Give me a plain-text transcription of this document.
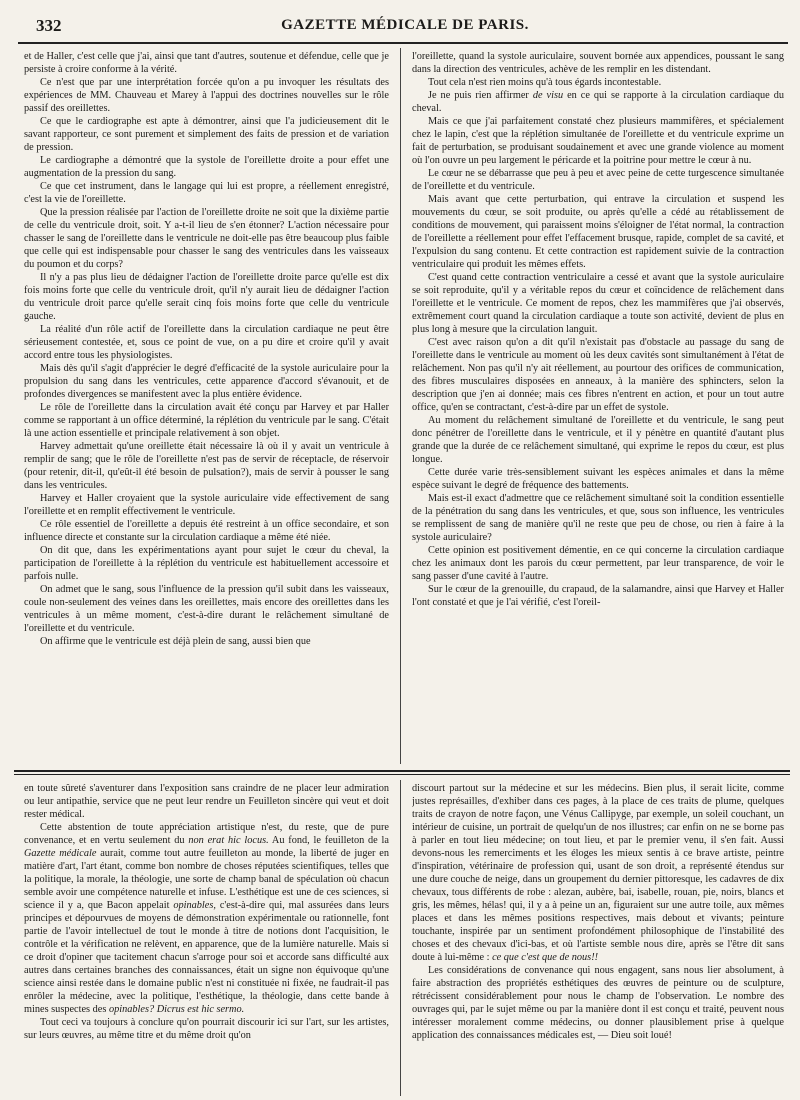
332	GAZETTE MÉDICALE DE PARIS.

et de Haller, c'est celle que j'ai, ainsi que tant d'autres, soutenue et défendue, celle que je persiste à croire conforme à la vérité.

Ce n'est que par une interprétation forcée qu'on a pu invoquer les résultats des expériences de MM. Chauveau et Marey à l'appui des doctrines nouvelles sur le rôle passif des oreillettes.

Ce que le cardiographe est apte à démontrer, ainsi que l'a judicieusement dit le savant rapporteur, ce sont purement et simplement des faits de pression et de variation de pression.

Le cardiographe a démontré que la systole de l'oreillette droite a pour effet une augmentation de la pression du sang.

Ce que cet instrument, dans le langage qui lui est propre, a réellement enregistré, c'est la vie de l'oreillette.

Que la pression réalisée par l'action de l'oreillette droite ne soit que la dixième partie de celle du ventricule droit, soit. Y a-t-il lieu de s'en étonner? L'action nécessaire pour chasser le sang de l'oreillette dans le ventricule ne doit-elle pas être beaucoup plus faible que celle qui est indispensable pour chasser le sang des ventricules dans les vaisseaux du poumon et du corps?

Il n'y a pas plus lieu de dédaigner l'action de l'oreillette droite parce qu'elle est dix fois moins forte que celle du ventricule droit, qu'il n'y aurait lieu de dédaigner l'action du ventricule droit parce qu'elle serait cinq fois moins forte que celle du ventricule gauche.

La réalité d'un rôle actif de l'oreillette dans la circulation cardiaque ne peut être sérieusement contestée, et, sous ce point de vue, on a pu dire et croire qu'il y avait accord entre tous les physiologistes.

Mais dès qu'il s'agit d'apprécier le degré d'efficacité de la systole auriculaire pour la propulsion du sang dans les ventricules, cette apparence d'accord s'évanouit, et de profondes divergences se manifestent avec la plus entière évidence.

Le rôle de l'oreillette dans la circulation avait été conçu par Harvey et par Haller comme se rapportant à un office déterminé, la réplétion du ventricule par le sang. C'était là une action essentielle et principale relativement à son objet.

Harvey admettait qu'une oreillette était nécessaire là où il y avait un ventricule à remplir de sang; que le rôle de l'oreillette n'est pas de servir de réceptacle, de réservoir (pour retenir, dit-il, qu'eût-il été besoin de pulsation?), mais de servir à pousser le sang dans les ventricules.

Harvey et Haller croyaient que la systole auriculaire vide effectivement de sang l'oreillette et en remplit effectivement le ventricule.

Ce rôle essentiel de l'oreillette a depuis été restreint à un office secondaire, et son influence directe et constante sur la circulation cardiaque a même été niée.

On dit que, dans les expérimentations ayant pour sujet le cœur du cheval, la participation de l'oreillette à la réplétion du ventricule est habituellement accessoire et parfois nulle.

On admet que le sang, sous l'influence de la pression qu'il subit dans les vaisseaux, coule non-seulement des veines dans les oreillettes, mais encore des oreillettes dans les ventricules à un même moment, c'est-à-dire durant le relâchement simultané de l'oreillette et du ventricule.

On affirme que le ventricule est déjà plein de sang, aussi bien que

l'oreillette, quand la systole auriculaire, souvent bornée aux appendices, poussant le sang dans la direction des ventricules, achève de les remplir en les distendant.

Tout cela n'est rien moins qu'à tous égards incontestable.

Je ne puis rien affirmer de visu en ce qui se rapporte à la circulation cardiaque du cheval.

Mais ce que j'ai parfaitement constaté chez plusieurs mammifères, et spécialement chez le lapin, c'est que la réplétion simultanée de l'oreillette et du ventricule exprime un fait de perturbation, se produisant soudainement et avec une grande violence au moment où l'on ouvre un peu largement le péricarde et la poitrine pour mettre le cœur à nu.

Le cœur ne se débarrasse que peu à peu et avec peine de cette turgescence simultanée de l'oreillette et du ventricule.

Mais avant que cette perturbation, qui entrave la circulation et suspend les mouvements du cœur, se soit produite, ou après qu'elle a cédé au rétablissement de conditions de mouvement, qui paraissent moins s'éloigner de l'état normal, la contraction de l'oreillette a réellement pour effet l'effacement brusque, rapide, complet de sa cavité, et l'expulsion du sang contenu. Et cette contraction est rapidement suivie de la contraction ventriculaire qui produit les mêmes effets.

C'est quand cette contraction ventriculaire a cessé et avant que la systole auriculaire se soit reproduite, qu'il y a véritable repos du cœur et coïncidence de relâchement dans l'oreillette et le ventricule. Ce moment de repos, chez les mammifères que j'ai observés, extrêmement court quand la circulation cardiaque a toute son activité, devient de plus en plus long à mesure que la circulation languit.

C'est avec raison qu'on a dit qu'il n'existait pas d'obstacle au passage du sang de l'oreillette dans le ventricule au moment où les deux cavités sont simultanément à l'état de relâchement. Non pas qu'il n'y ait réellement, au pourtour des orifices de communication, des fibres musculaires disposées en anneaux, à la manière des sphincters, selon la description que j'en ai donnée; mais ces fibres n'entrent en action, et pour un tout autre office, qu'en se contractant, c'est-à-dire par un effet de systole.

Au moment du relâchement simultané de l'oreillette et du ventricule, le sang peut donc pénétrer de l'oreillette dans le ventricule, et il y pénètre en quantité d'autant plus grande que la durée de ce relâchement simultané, qui exprime le repos du cœur, est plus longue.

Cette durée varie très-sensiblement suivant les espèces animales et dans la même espèce suivant le degré de fréquence des battements.

Mais est-il exact d'admettre que ce relâchement simultané soit la condition essentielle de la pénétration du sang dans les ventricules, et que, sous son influence, les ventricules se remplissent de sang de manière qu'il ne reste que peu de chose, ou rien à faire à la systole auriculaire?

Cette opinion est positivement démentie, en ce qui concerne la circulation cardiaque chez les animaux dont les parois du cœur permettent, par leur transparence, de voir le sang passer d'une cavité à l'autre.

Sur le cœur de la grenouille, du crapaud, de la salamandre, ainsi que Harvey et Haller l'ont constaté et que je l'ai vérifié, c'est l'oreil-

en toute sûreté s'aventurer dans l'exposition sans craindre de ne placer leur admiration ou leur antipathie, service que ne peut leur rendre un Feuilleton sincère qui veut et doit rester médical.

Cette abstention de toute appréciation artistique n'est, du reste, que de pure convenance, et en vertu seulement du non erat hic locus. Au fond, le feuilleton de la Gazette médicale aurait, comme tout autre feuilleton au monde, la liberté de juger en matière d'art, l'art étant, comme bon nombre de choses réputées scientifiques, telles que la politique, la morale, la théologie, une sorte de champ banal de spéculation où chacun semble avoir une compétence naturelle et infuse. L'esthétique est une de ces sciences, si science il y a, que Bacon appelait opinables, c'est-à-dire qui, mal assurées dans leurs principes et dépourvues de moyens de démonstration expérimentale ou rationnelle, font partie de l'avoir intellectuel de tout le monde à titre de notions dont l'acquisition, le contrôle et la vérification ne relèvent, en apparence, que de la lumière naturelle. Mais si ce droit d'opiner que tacitement chacun s'arroge pour soi et accorde sans difficulté aux autres dans certaines branches des connaissances, était un signe non équivoque qu'une science ainsi restée dans le domaine public n'est ni constituée ni fixée, ne faudrait-il pas enrôler la médecine, avec la politique, l'esthétique, la théologie, dans cette bande à mines suspectes des opinables? Dicrus est hic sermo.

Tout ceci va toujours à conclure qu'on pourrait discourir ici sur l'art, sur les artistes, sur leurs œuvres, au même titre et du même droit qu'on

discourt partout sur la médecine et sur les médecins. Bien plus, il serait licite, comme justes représailles, d'exhiber dans ces pages, à la place de ces traits de plume, quelques traits de crayon de notre façon, une Vénus Callipyge, par exemple, un soleil couchant, un intérieur de cuisine, un portrait de quelqu'un de nos illustres; car enfin on ne se borne pas à parler en tout lieu médecine; on tout lieu, et par le premier venu, il s'en fait. Aussi devons-nous les remerciments et les éloges les mieux sentis à ce brave artiste, peintre d'inspiration, vétérinaire de profession qui, usant de son droit, a représenté étendus sur une dure couche de neige, dans un groupement du dernier pittoresque, les cadavres de dix chevaux, tous différents de robe : alezan, aubère, bai, isabelle, rouan, pie, noirs, blancs et gris, les mêmes, hélas! qui, il y a à peine un an, figuraient sur une autre toile, aux mêmes places et dans les mêmes positions respectives, mais debout et vivants; peinture touchante, inspirée par un sentiment profondément philosophique de l'instabilité des choses et des chevaux d'ici-bas, et où l'artiste semble nous dire, après se l'être dit sans doute à lui-même : ce que c'est que de nous!!

Les considérations de convenance qui nous engagent, sans nous lier absolument, à faire abstraction des propriétés esthétiques des œuvres de peinture ou de sculpture, rétrécissent considérablement pour nous le champ de l'observation. Le nombre des ouvrages qui, par le sujet même ou par la manière dont il est conçu et traité, peuvent nous intéresser moralement comme médecins, ou donner plausiblement prise à quelque application des connaissances médicales est, — Dieu soit loué!
